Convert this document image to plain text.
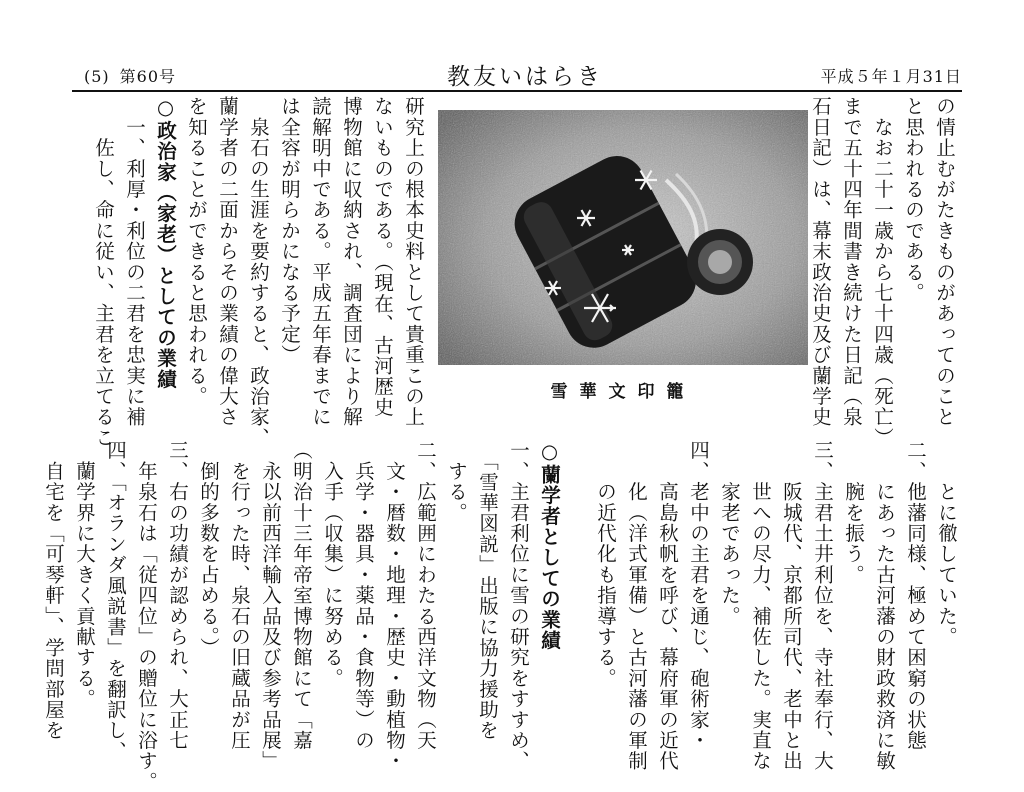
(5) 第60号	教友いはらき	平成５年１月31日
の情止むがたきものがあってのこと
と思われるのである。
　なお二十一歳から七十四歳（死亡）
まで五十四年間書き続けた日記（泉
石日記）は、幕末政治史及び蘭学史
研究上の根本史料として貴重この上
ないものである。（現在、古河歴史
博物館に収納され、調査団により解
読解明中である。平成五年春までに
は全容が明らかになる予定）
　泉石の生涯を要約すると、政治家、
蘭学者の二面からその業績の偉大さ
を知ることができると思われる。
○政治家（家老）としての業績
　一、利厚・利位の二君を忠実に補
　　佐し、命に従い、主君を立てるこ	雪華文印籠
　　とに徹していた。
二、他藩同様、極めて困窮の状態
　　にあった古河藩の財政救済に敏
　　腕を振う。
三、主君土井利位を、寺社奉行、大
　　阪城代、京都所司代、老中と出
　　世への尽力、補佐した。実直な
　　家老であった。
四、老中の主君を通じ、砲術家・
　　高島秋帆を呼び、幕府軍の近代
　　化（洋式軍備）と古河藩の軍制
　　の近代化も指導する。
○蘭学者としての業績
一、主君利位に雪の研究をすすめ、
　「雪華図説」出版に協力援助を
　する。
二、広範囲にわたる西洋文物（天
　文・暦数・地理・歴史・動植物・
　兵学・器具・薬品・食物等）の
　入手（収集）に努める。
（明治十三年帝室博物館にて「嘉
　永以前西洋輸入品及び参考品展」
　を行った時、泉石の旧蔵品が圧
　倒的多数を占める。）
三、右の功績が認められ、大正七
　年泉石は「従四位」の贈位に浴す。
四、「オランダ風説書」を翻訳し、
　蘭学界に大きく貢献する。
　自宅を「可琴軒」、学問部屋を
